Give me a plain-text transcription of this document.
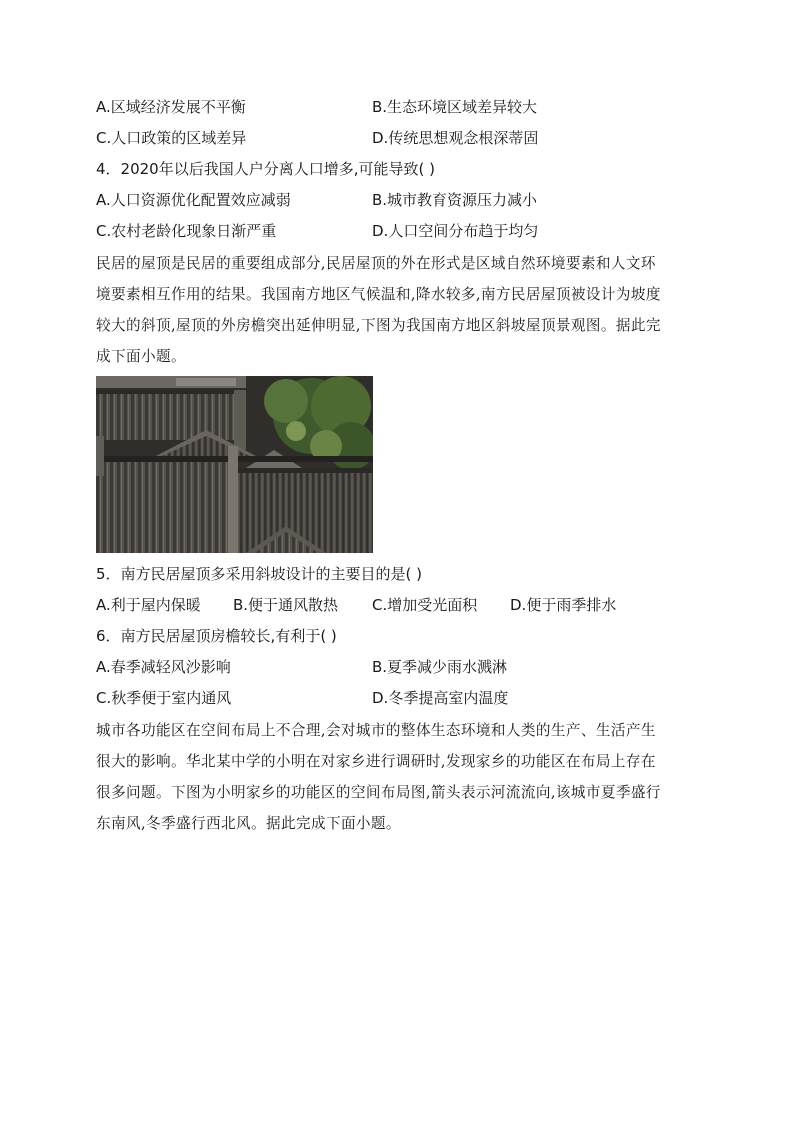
A.区域经济发展不平衡	B.生态环境区域差异较大
C.人口政策的区域差异	D.传统思想观念根深蒂固
4．2020年以后我国人户分离人口增多,可能导致( )
A.人口资源优化配置效应减弱	B.城市教育资源压力减小
C.农村老龄化现象日渐严重	D.人口空间分布趋于均匀
民居的屋顶是民居的重要组成部分,民居屋顶的外在形式是区域自然环境要素和人文环
境要素相互作用的结果。我国南方地区气候温和,降水较多,南方民居屋顶被设计为坡度
较大的斜顶,屋顶的外房檐突出延伸明显,下图为我国南方地区斜坡屋顶景观图。据此完
成下面小题。
5．南方民居屋顶多采用斜坡设计的主要目的是( )
A.利于屋内保暖 B.便于通风散热 C.增加受光面积 D.便于雨季排水
6．南方民居屋顶房檐较长,有利于( )
A.春季减轻风沙影响	B.夏季减少雨水溅淋
C.秋季便于室内通风	D.冬季提高室内温度
城市各功能区在空间布局上不合理,会对城市的整体生态环境和人类的生产、生活产生
很大的影响。华北某中学的小明在对家乡进行调研时,发现家乡的功能区在布局上存在
很多问题。下图为小明家乡的功能区的空间布局图,箭头表示河流流向,该城市夏季盛行
东南风,冬季盛行西北风。据此完成下面小题。
